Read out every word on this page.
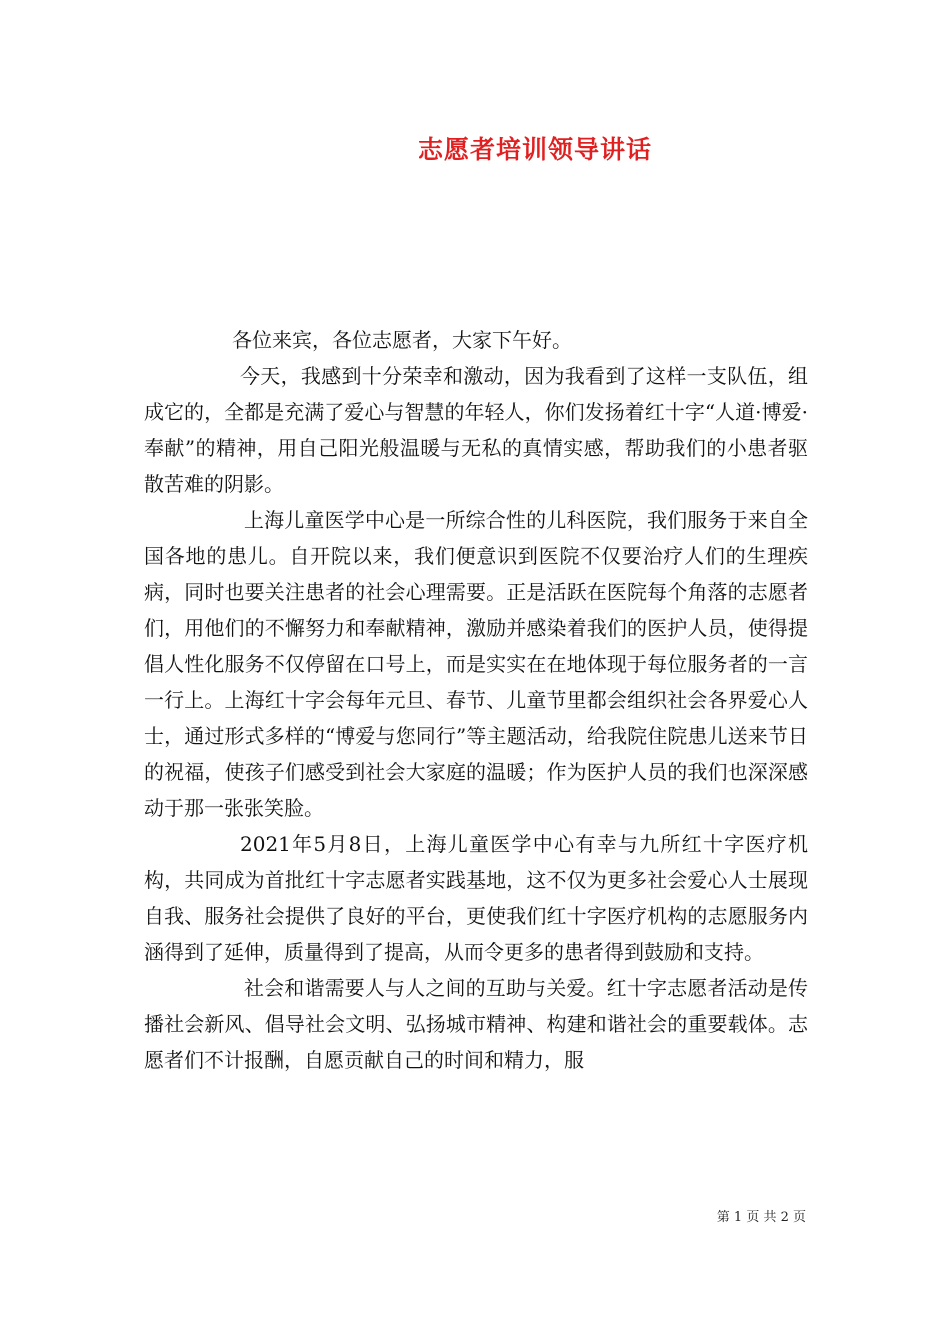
志愿者培训领导讲话

各位来宾，各位志愿者，大家下午好。

今天，我感到十分荣幸和激动，因为我看到了这样一支队伍，组成它的，全都是充满了爱心与智慧的年轻人，你们发扬着红十字“人道·博爱·奉献”的精神，用自己阳光般温暖与无私的真情实感，帮助我们的小患者驱散苦难的阴影。

上海儿童医学中心是一所综合性的儿科医院，我们服务于来自全国各地的患儿。自开院以来，我们便意识到医院不仅要治疗人们的生理疾病，同时也要关注患者的社会心理需要。正是活跃在医院每个角落的志愿者们，用他们的不懈努力和奉献精神，激励并感染着我们的医护人员，使得提倡人性化服务不仅停留在口号上，而是实实在在地体现于每位服务者的一言一行上。上海红十字会每年元旦、春节、儿童节里都会组织社会各界爱心人士，通过形式多样的“博爱与您同行”等主题活动，给我院住院患儿送来节日的祝福，使孩子们感受到社会大家庭的温暖；作为医护人员的我们也深深感动于那一张张笑脸。

2021年5月8日，上海儿童医学中心有幸与九所红十字医疗机构，共同成为首批红十字志愿者实践基地，这不仅为更多社会爱心人士展现自我、服务社会提供了良好的平台，更使我们红十字医疗机构的志愿服务内涵得到了延伸，质量得到了提高，从而令更多的患者得到鼓励和支持。

社会和谐需要人与人之间的互助与关爱。红十字志愿者活动是传播社会新风、倡导社会文明、弘扬城市精神、构建和谐社会的重要载体。志愿者们不计报酬，自愿贡献自己的时间和精力，服

第 1 页 共 2 页
